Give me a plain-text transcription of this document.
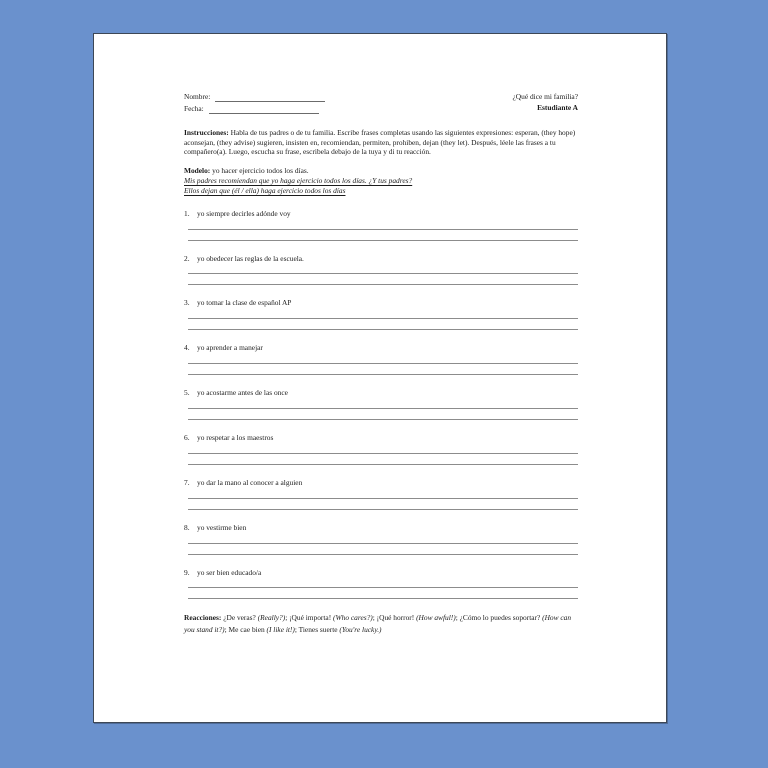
Nombre:
Fecha:
¿Qué dice mi familia?
Estudiante A
Instrucciones: Habla de tus padres o de tu familia. Escribe frases completas usando las siguientes expresiones: esperan, (they hope) aconsejan, (they advise) sugieren, insisten en, recomiendan, permiten, prohiben, dejan (they let). Después, léele las frases a tu compañero(a). Luego, escucha su frase, escribela debajo de la tuya y di tu reacción.
Modelo: yo hacer ejercicio todos los días.
Mis padres recomiendan que yo haga ejercicio todos los días. ¿Y tus padres?
Ellos dejan que (él / ella) haga ejercicio todos los días
1.	yo siempre decirles adónde voy
2.	yo obedecer las reglas de la escuela.
3.	yo tomar la clase de español AP
4.	yo aprender a manejar
5.	yo acostarme antes de las once
6.	yo respetar a los maestros
7.	yo dar la mano al conocer a alguien
8.	yo vestirme bien
9.	yo ser bien educado/a

Reacciones: ¿De veras? (Really?); ¡Qué importa! (Who cares?); ¡Qué horror! (How awful!); ¿Cómo lo puedes soportar? (How can you stand it?); Me cae bien (I like it!); Tienes suerte (You're lucky.)
